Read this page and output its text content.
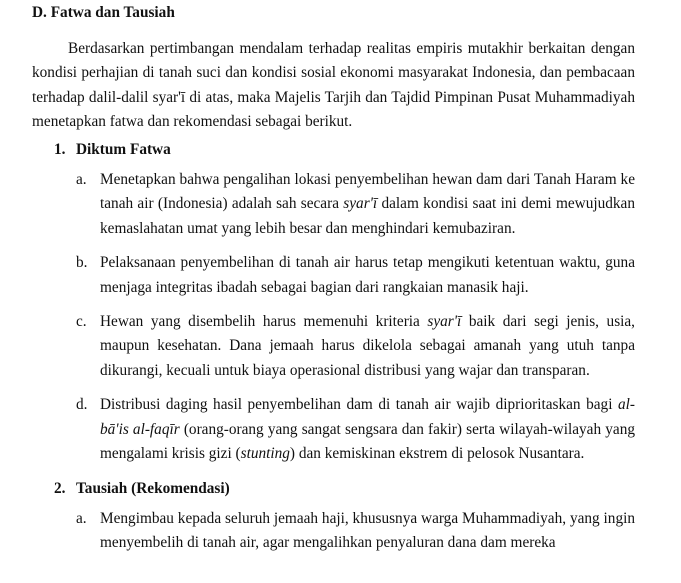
D. Fatwa dan Tausiah

Berdasarkan pertimbangan mendalam terhadap realitas empiris mutakhir berkaitan dengan kondisi perhajian di tanah suci dan kondisi sosial ekonomi masyarakat Indonesia, dan pembacaan terhadap dalil-dalil syar'ī di atas, maka Majelis Tarjih dan Tajdid Pimpinan Pusat Muhammadiyah menetapkan fatwa dan rekomendasi sebagai berikut.

1. Diktum Fatwa
a. Menetapkan bahwa pengalihan lokasi penyembelihan hewan dam dari Tanah Haram ke tanah air (Indonesia) adalah sah secara syar'ī dalam kondisi saat ini demi mewujudkan kemaslahatan umat yang lebih besar dan menghindari kemubaziran.
b. Pelaksanaan penyembelihan di tanah air harus tetap mengikuti ketentuan waktu, guna menjaga integritas ibadah sebagai bagian dari rangkaian manasik haji.
c. Hewan yang disembelih harus memenuhi kriteria syar'ī baik dari segi jenis, usia, maupun kesehatan. Dana jemaah harus dikelola sebagai amanah yang utuh tanpa dikurangi, kecuali untuk biaya operasional distribusi yang wajar dan transparan.
d. Distribusi daging hasil penyembelihan dam di tanah air wajib diprioritaskan bagi al-bā'is al-faqīr (orang-orang yang sangat sengsara dan fakir) serta wilayah-wilayah yang mengalami krisis gizi (stunting) dan kemiskinan ekstrem di pelosok Nusantara.
2. Tausiah (Rekomendasi)
a. Mengimbau kepada seluruh jemaah haji, khususnya warga Muhammadiyah, yang ingin menyembelih di tanah air, agar mengalihkan penyaluran dana dam mereka
